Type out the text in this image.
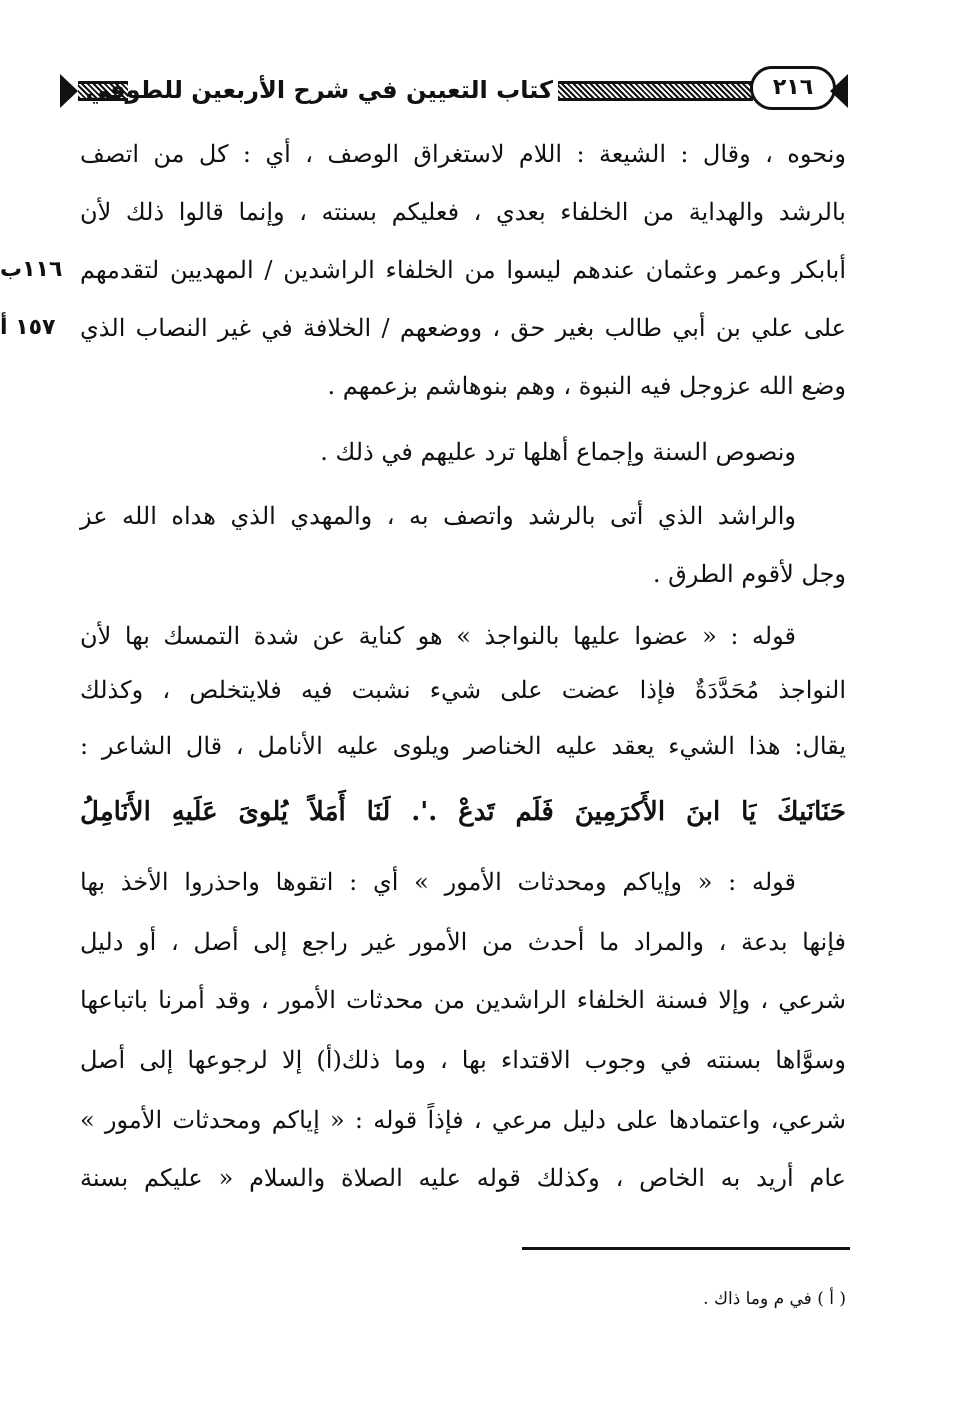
كتاب التعيين في شرح الأربعين للطوفي	٢١٦
ونحوه ، وقال : الشيعة : اللام لاستغراق الوصف ، أي : كل من اتصف
بالرشد والهداية من الخلفاء بعدي ، فعليكم بسنته ، وإنما قالوا ذلك لأن
أبابكر وعمر وعثمان عندهم ليسوا من الخلفاء الراشدين / المهديين لتقدمهم
١١٦ب
على علي بن أبي طالب بغير حق ، ووضعهم / الخلافة في غير النصاب الذي
١٥٧ أ
وضع الله عزوجل فيه النبوة ، وهم بنوهاشم بزعمهم .
ونصوص السنة وإجماع أهلها ترد عليهم في ذلك .
والراشد الذي أتى بالرشد واتصف به ، والمهدي الذي هداه الله عز
وجل لأقوم الطرق .
قوله : « عضوا عليها بالنواجذ » هو كناية عن شدة التمسك بها لأن
النواجذ مُحَدَّدَةٌ فإذا عضت على شيء نشبت فيه فلايتخلص ، وكذلك
يقال: هذا الشيء يعقد عليه الخناصر ويلوى عليه الأنامل ، قال الشاعر :
حَنَانَيكَ يَا ابنَ الأَكرَمِينَ فَلَم تَدعْ .'. لَنَا أَمَلاً يُلوىَ عَلَيهِ الأَنَامِلُ
قوله : « وإياكم ومحدثات الأمور » أي : اتقوها واحذروا الأخذ بها
فإنها بدعة ، والمراد ما أحدث من الأمور غير راجع إلى أصل ، أو دليل
شرعي ، وإلا فسنة الخلفاء الراشدين من محدثات الأمور ، وقد أمرنا باتباعها
وسوَّاها بسنته في وجوب الاقتداء بها ، وما ذلك(أ) إلا لرجوعها إلى أصل
شرعي، واعتمادها على دليل مرعي ، فإذاً قوله : « إياكم ومحدثات الأمور »
عام أريد به الخاص ، وكذلك قوله عليه الصلاة والسلام « عليكم بسنة
( أ ) في م وما ذاك .
